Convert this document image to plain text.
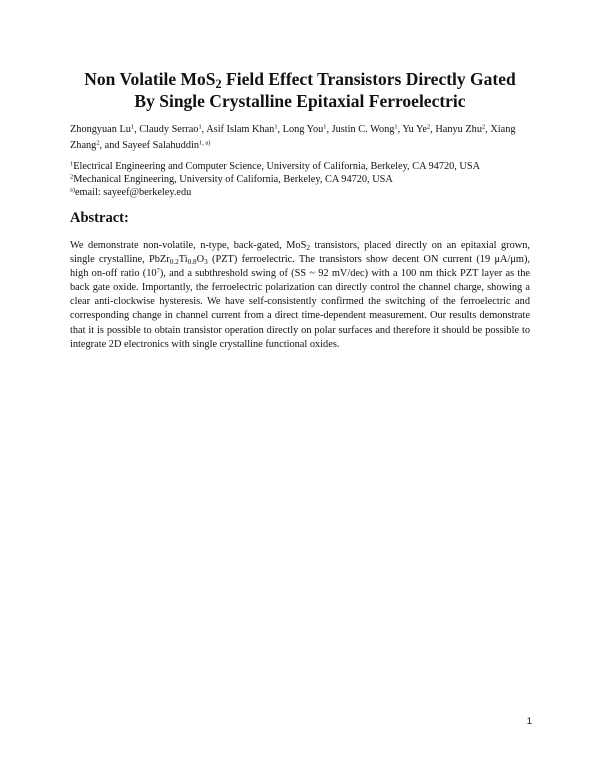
Non Volatile MoS$_2$ Field Effect Transistors Directly Gated
By Single Crystalline Epitaxial Ferroelectric

Zhongyuan Lu$^1$, Claudy Serrao$^1$, Asif Islam Khan$^1$, Long You$^1$, Justin C. Wong$^1$, Yu Ye$^2$, Hanyu Zhu$^2$, Xiang Zhang$^2$, and Sayeef Salahuddin$^{1, a)}$

$^1$Electrical Engineering and Computer Science, University of California, Berkeley, CA 94720, USA
$^2$Mechanical Engineering, University of California, Berkeley, CA 94720, USA
$^{a)}$email: sayeef@berkeley.edu
Abstract:

We demonstrate non-volatile, n-type, back-gated, MoS$_2$ transistors, placed directly on an epitaxial grown, single crystalline, $PbZr_{0.2}Ti_{0.8}O_3$ (PZT) ferroelectric. The transistors show decent ON current (19 μA/μm), high on-off ratio $(10^7)$, and a subthreshold swing of (SS ~ 92 mV/dec) with a 100 nm thick PZT layer as the back gate oxide. Importantly, the ferroelectric polarization can directly control the channel charge, showing a clear anti-clockwise hysteresis. We have self-consistently confirmed the switching of the ferroelectric and corresponding change in channel current from a direct time-dependent measurement. Our results demonstrate that it is possible to obtain transistor operation directly on polar surfaces and therefore it should be possible to integrate 2D electronics with single crystalline functional oxides.

1
